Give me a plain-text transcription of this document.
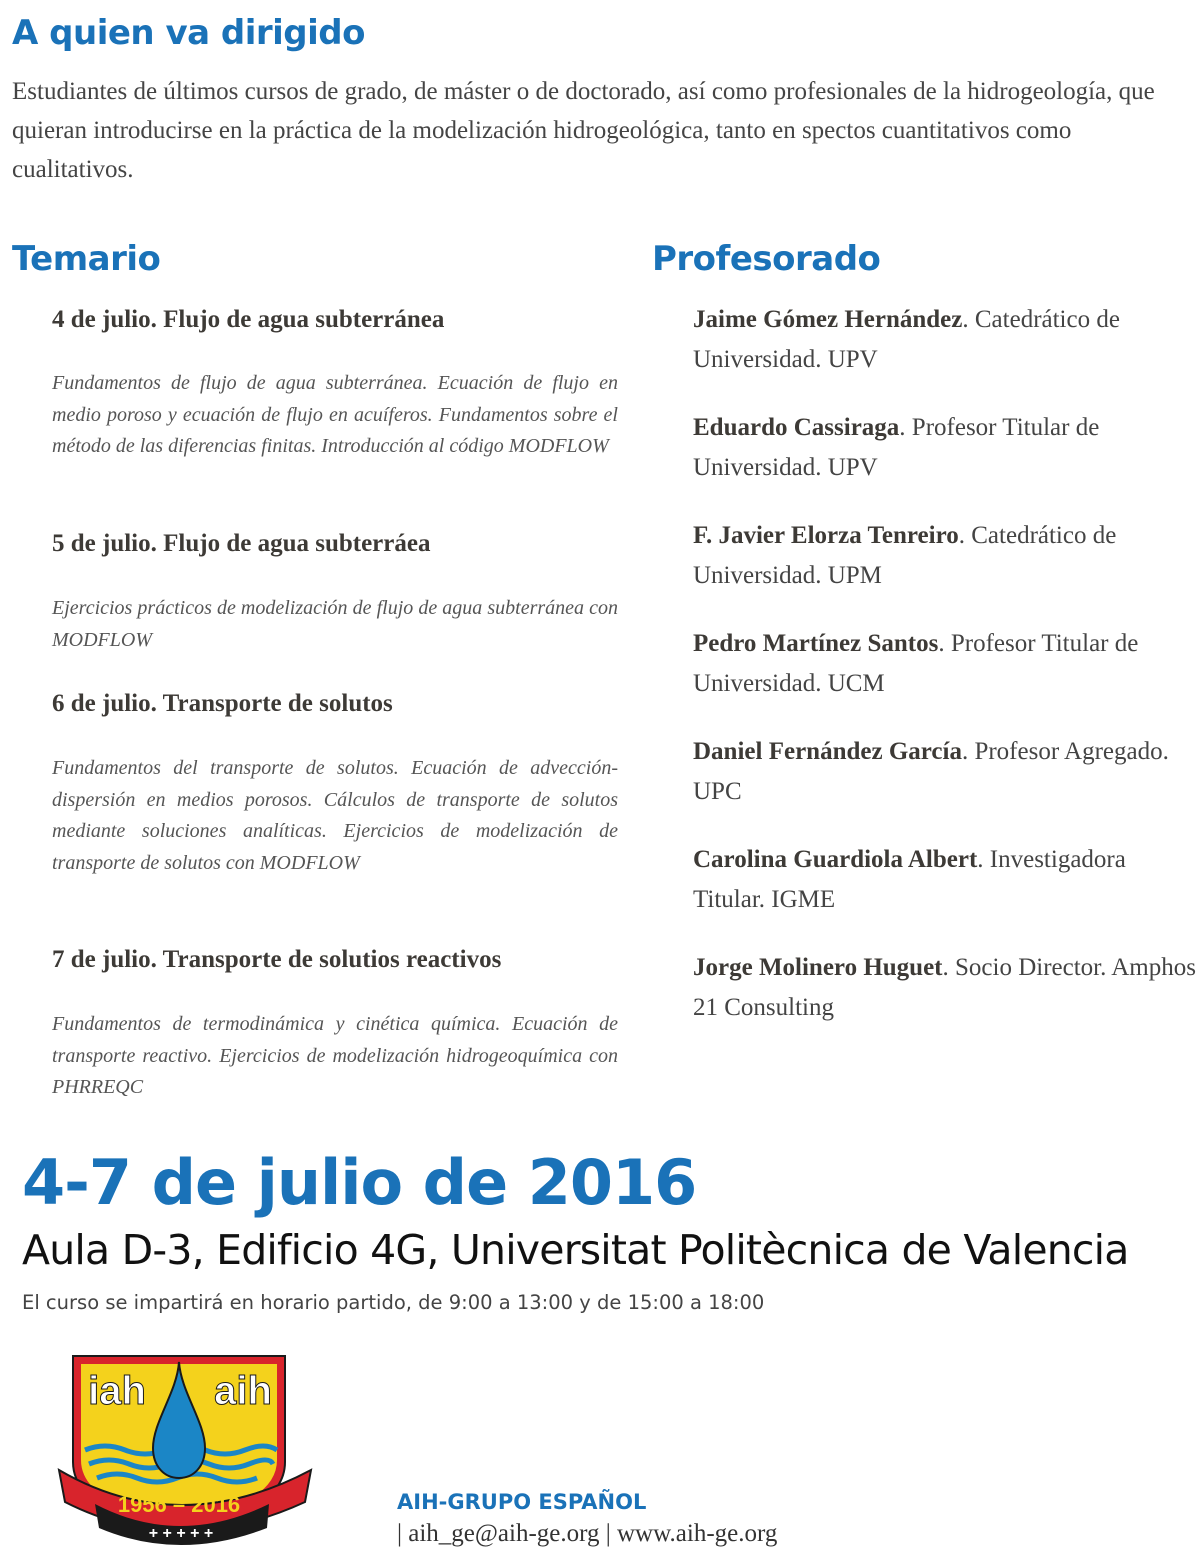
A quien va dirigido

Estudiantes de últimos cursos de grado, de máster o de doctorado, así como profesionales de la hidrogeología, que quieran introducirse en la práctica de la modelización hidrogeológica, tanto en spectos cuantitativos como cualitativos.

Temario	Profesorado
4 de julio. Flujo de agua subterránea

Fundamentos de flujo de agua subterránea. Ecuación de flujo en medio poroso y ecuación de flujo en acuíferos. Fundamentos sobre el método de las diferencias finitas. Introducción al código MODFLOW

5 de julio. Flujo de agua subterráea

Ejercicios prácticos de modelización de flujo de agua subterránea con MODFLOW

6 de julio. Transporte de solutos

Fundamentos del transporte de solutos. Ecuación de advección-dispersión en medios porosos. Cálculos de transporte de solutos mediante soluciones analíticas. Ejercicios de modelización de transporte de solutos con MODFLOW

7 de julio. Transporte de solutios reactivos

Fundamentos de termodinámica y cinética química. Ecuación de transporte reactivo. Ejercicios de modelización hidrogeoquímica con PHRREQC

Jaime Gómez Hernández. Catedrático de Universidad. UPV

Eduardo Cassiraga. Profesor Titular de Universidad. UPV

F. Javier Elorza Tenreiro. Catedrático de Universidad. UPM

Pedro Martínez Santos. Profesor Titular de Universidad. UCM

Daniel Fernández García. Profesor Agregado. UPC

Carolina Guardiola Albert. Investigadora Titular. IGME

Jorge Molinero Huguet. Socio Director. Amphos 21 Consulting

4-7 de julio de 2016

Aula D-3, Edificio 4G, Universitat Politècnica de Valencia

El curso se impartirá en horario partido, de 9:00 a 13:00 y de 15:00 a 18:00

iah aih
1956 – 2016
+ + + + +

AIH-GRUPO ESPAÑOL

| aih_ge@aih-ge.org | www.aih-ge.org
